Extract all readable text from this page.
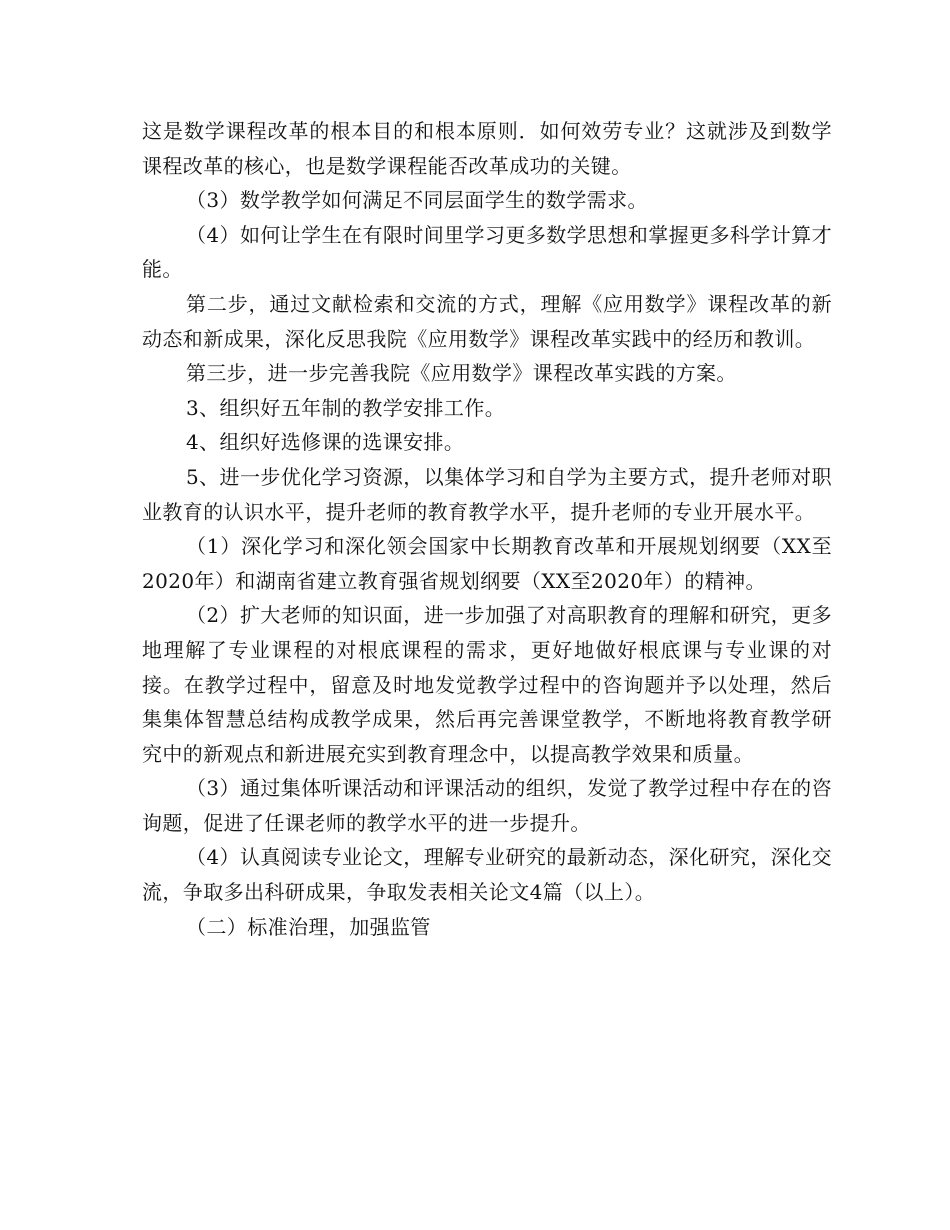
这是数学课程改革的根本目的和根本原则．如何效劳专业？这就涉及到数学课程改革的核心，也是数学课程能否改革成功的关键。

（3）数学教学如何满足不同层面学生的数学需求。

（4）如何让学生在有限时间里学习更多数学思想和掌握更多科学计算才能。

第二步，通过文献检索和交流的方式，理解《应用数学》课程改革的新动态和新成果，深化反思我院《应用数学》课程改革实践中的经历和教训。

第三步，进一步完善我院《应用数学》课程改革实践的方案。

3、组织好五年制的教学安排工作。

4、组织好选修课的选课安排。

5、进一步优化学习资源，以集体学习和自学为主要方式，提升老师对职业教育的认识水平，提升老师的教育教学水平，提升老师的专业开展水平。

（1）深化学习和深化领会国家中长期教育改革和开展规划纲要（XX至2020年）和湖南省建立教育强省规划纲要（XX至2020年）的精神。

（2）扩大老师的知识面，进一步加强了对高职教育的理解和研究，更多地理解了专业课程的对根底课程的需求，更好地做好根底课与专业课的对接。在教学过程中，留意及时地发觉教学过程中的咨询题并予以处理，然后集集体智慧总结构成教学成果，然后再完善课堂教学，不断地将教育教学研究中的新观点和新进展充实到教育理念中，以提高教学效果和质量。

（3）通过集体听课活动和评课活动的组织，发觉了教学过程中存在的咨询题，促进了任课老师的教学水平的进一步提升。

（4）认真阅读专业论文，理解专业研究的最新动态，深化研究，深化交流，争取多出科研成果，争取发表相关论文4篇（以上）。

（二）标准治理，加强监管
